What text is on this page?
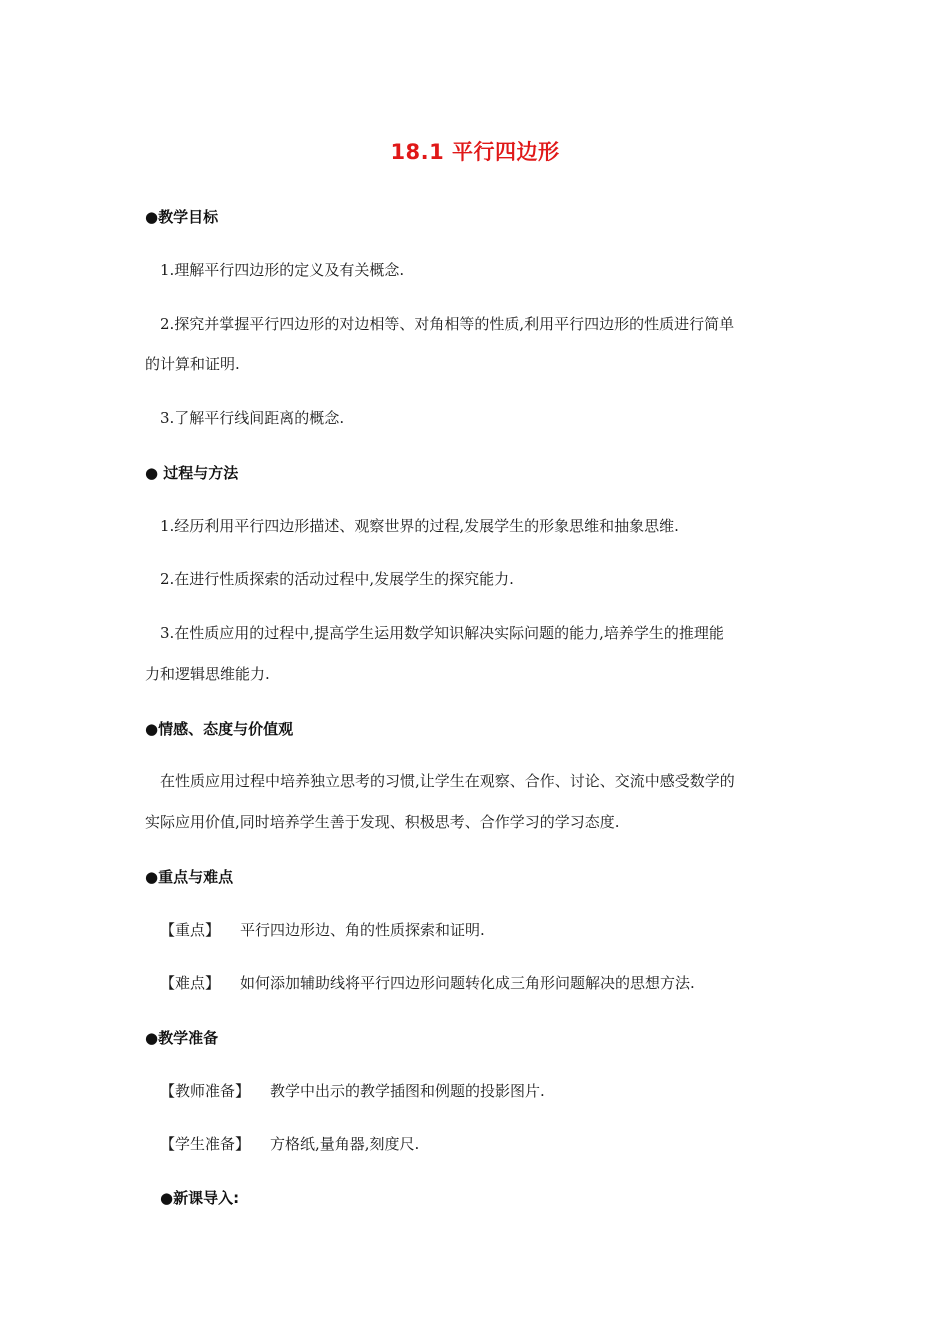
18.1 平行四边形
●教学目标
1.理解平行四边形的定义及有关概念.
2.探究并掌握平行四边形的对边相等、对角相等的性质,利用平行四边形的性质进行简单
的计算和证明.
3.了解平行线间距离的概念.
● 过程与方法
1.经历利用平行四边形描述、观察世界的过程,发展学生的形象思维和抽象思维.
2.在进行性质探索的活动过程中,发展学生的探究能力.
3.在性质应用的过程中,提高学生运用数学知识解决实际问题的能力,培养学生的推理能
力和逻辑思维能力.
●情感、态度与价值观
在性质应用过程中培养独立思考的习惯,让学生在观察、合作、讨论、交流中感受数学的
实际应用价值,同时培养学生善于发现、积极思考、合作学习的学习态度.
●重点与难点
【重点】 平行四边形边、角的性质探索和证明.
【难点】 如何添加辅助线将平行四边形问题转化成三角形问题解决的思想方法.
●教学准备
【教师准备】 教学中出示的教学插图和例题的投影图片.
【学生准备】 方格纸,量角器,刻度尺.
●新课导入:
